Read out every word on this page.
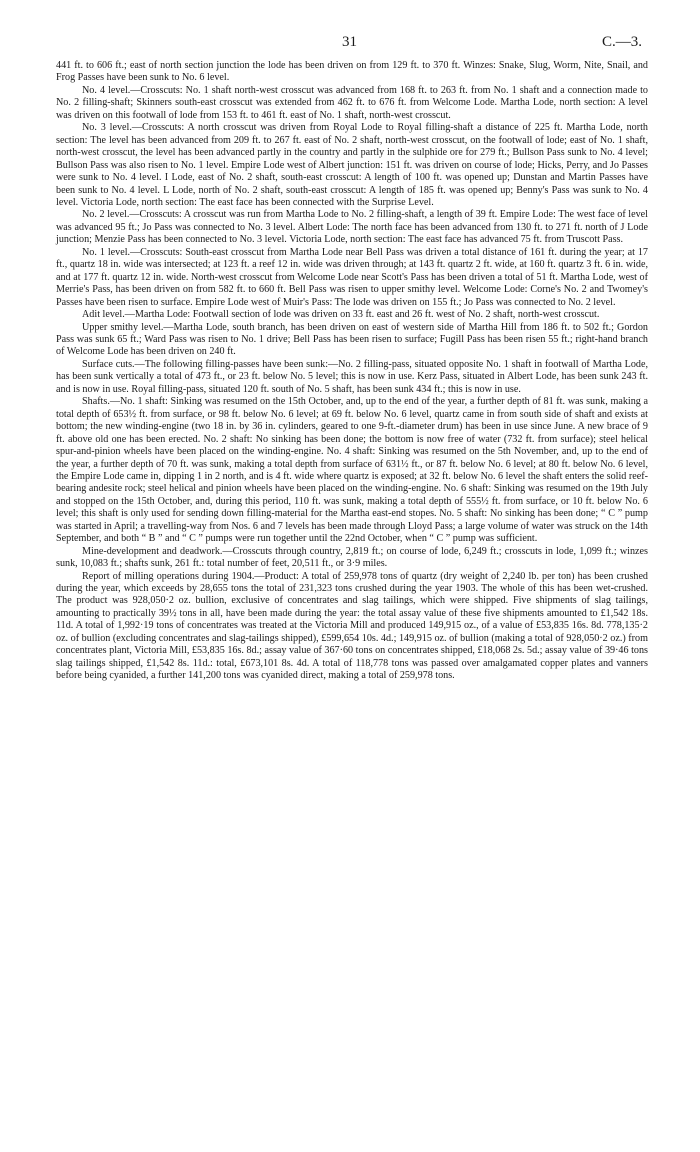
31	C.—3.

441 ft. to 606 ft.; east of north section junction the lode has been driven on from 129 ft. to 370 ft. Winzes: Snake, Slug, Worm, Nite, Snail, and Frog Passes have been sunk to No. 6 level.

No. 4 level.—Crosscuts: No. 1 shaft north-west crosscut was advanced from 168 ft. to 263 ft. from No. 1 shaft and a connection made to No. 2 filling-shaft; Skinners south-east crosscut was extended from 462 ft. to 676 ft. from Welcome Lode. Martha Lode, north section: A level was driven on this footwall of lode from 153 ft. to 461 ft. east of No. 1 shaft, north-west crosscut.

No. 3 level.—Crosscuts: A north crosscut was driven from Royal Lode to Royal filling-shaft a distance of 225 ft. Martha Lode, north section: The level has been advanced from 209 ft. to 267 ft. east of No. 2 shaft, north-west crosscut, on the footwall of lode; east of No. 1 shaft, north-west crosscut, the level has been advanced partly in the country and partly in the sulphide ore for 279 ft.; Bullson Pass sunk to No. 4 level; Bullson Pass was also risen to No. 1 level. Empire Lode west of Albert junction: 151 ft. was driven on course of lode; Hicks, Perry, and Jo Passes were sunk to No. 4 level. I Lode, east of No. 2 shaft, south-east crosscut: A length of 100 ft. was opened up; Dunstan and Martin Passes have been sunk to No. 4 level. L Lode, north of No. 2 shaft, south-east crosscut: A length of 185 ft. was opened up; Benny's Pass was sunk to No. 4 level. Victoria Lode, north section: The east face has been connected with the Surprise Level.

No. 2 level.—Crosscuts: A crosscut was run from Martha Lode to No. 2 filling-shaft, a length of 39 ft. Empire Lode: The west face of level was advanced 95 ft.; Jo Pass was connected to No. 3 level. Albert Lode: The north face has been advanced from 130 ft. to 271 ft. north of J Lode junction; Menzie Pass has been connected to No. 3 level. Victoria Lode, north section: The east face has advanced 75 ft. from Truscott Pass.

No. 1 level.—Crosscuts: South-east crosscut from Martha Lode near Bell Pass was driven a total distance of 161 ft. during the year; at 17 ft., quartz 18 in. wide was intersected; at 123 ft. a reef 12 in. wide was driven through; at 143 ft. quartz 2 ft. wide, at 160 ft. quartz 3 ft. 6 in. wide, and at 177 ft. quartz 12 in. wide. North-west crosscut from Welcome Lode near Scott's Pass has been driven a total of 51 ft. Martha Lode, west of Merrie's Pass, has been driven on from 582 ft. to 660 ft. Bell Pass was risen to upper smithy level. Welcome Lode: Corne's No. 2 and Twomey's Passes have been risen to surface. Empire Lode west of Muir's Pass: The lode was driven on 155 ft.; Jo Pass was connected to No. 2 level.

Adit level.—Martha Lode: Footwall section of lode was driven on 33 ft. east and 26 ft. west of No. 2 shaft, north-west crosscut.

Upper smithy level.—Martha Lode, south branch, has been driven on east of western side of Martha Hill from 186 ft. to 502 ft.; Gordon Pass was sunk 65 ft.; Ward Pass was risen to No. 1 drive; Bell Pass has been risen to surface; Fugill Pass has been risen 55 ft.; right-hand branch of Welcome Lode has been driven on 240 ft.

Surface cuts.—The following filling-passes have been sunk:—No. 2 filling-pass, situated opposite No. 1 shaft in footwall of Martha Lode, has been sunk vertically a total of 473 ft., or 23 ft. below No. 5 level; this is now in use. Kerz Pass, situated in Albert Lode, has been sunk 243 ft. and is now in use. Royal filling-pass, situated 120 ft. south of No. 5 shaft, has been sunk 434 ft.; this is now in use.

Shafts.—No. 1 shaft: Sinking was resumed on the 15th October, and, up to the end of the year, a further depth of 81 ft. was sunk, making a total depth of 653½ ft. from surface, or 98 ft. below No. 6 level; at 69 ft. below No. 6 level, quartz came in from south side of shaft and exists at bottom; the new winding-engine (two 18 in. by 36 in. cylinders, geared to one 9-ft.-diameter drum) has been in use since June. A new brace of 9 ft. above old one has been erected. No. 2 shaft: No sinking has been done; the bottom is now free of water (732 ft. from surface); steel helical spur-and-pinion wheels have been placed on the winding-engine. No. 4 shaft: Sinking was resumed on the 5th November, and, up to the end of the year, a further depth of 70 ft. was sunk, making a total depth from surface of 631½ ft., or 87 ft. below No. 6 level; at 80 ft. below No. 6 level, the Empire Lode came in, dipping 1 in 2 north, and is 4 ft. wide where quartz is exposed; at 32 ft. below No. 6 level the shaft enters the solid reef-bearing andesite rock; steel helical and pinion wheels have been placed on the winding-engine. No. 6 shaft: Sinking was resumed on the 19th July and stopped on the 15th October, and, during this period, 110 ft. was sunk, making a total depth of 555½ ft. from surface, or 10 ft. below No. 6 level; this shaft is only used for sending down filling-material for the Martha east-end stopes. No. 5 shaft: No sinking has been done; “ C ” pump was started in April; a travelling-way from Nos. 6 and 7 levels has been made through Lloyd Pass; a large volume of water was struck on the 14th September, and both “ B ” and “ C ” pumps were run together until the 22nd October, when “ C ” pump was sufficient.

Mine-development and deadwork.—Crosscuts through country, 2,819 ft.; on course of lode, 6,249 ft.; crosscuts in lode, 1,099 ft.; winzes sunk, 10,083 ft.; shafts sunk, 261 ft.: total number of feet, 20,511 ft., or 3·9 miles.

Report of milling operations during 1904.—Product: A total of 259,978 tons of quartz (dry weight of 2,240 lb. per ton) has been crushed during the year, which exceeds by 28,655 tons the total of 231,323 tons crushed during the year 1903. The whole of this has been wet-crushed. The product was 928,050·2 oz. bullion, exclusive of concentrates and slag tailings, which were shipped. Five shipments of slag tailings, amounting to practically 39½ tons in all, have been made during the year: the total assay value of these five shipments amounted to £1,542 18s. 11d. A total of 1,992·19 tons of concentrates was treated at the Victoria Mill and produced 149,915 oz., of a value of £53,835 16s. 8d. 778,135·2 oz. of bullion (excluding concentrates and slag-tailings shipped), £599,654 10s. 4d.; 149,915 oz. of bullion (making a total of 928,050·2 oz.) from concentrates plant, Victoria Mill, £53,835 16s. 8d.; assay value of 367·60 tons on concentrates shipped, £18,068 2s. 5d.; assay value of 39·46 tons slag tailings shipped, £1,542 8s. 11d.: total, £673,101 8s. 4d. A total of 118,778 tons was passed over amalgamated copper plates and vanners before being cyanided, a further 141,200 tons was cyanided direct, making a total of 259,978 tons.
